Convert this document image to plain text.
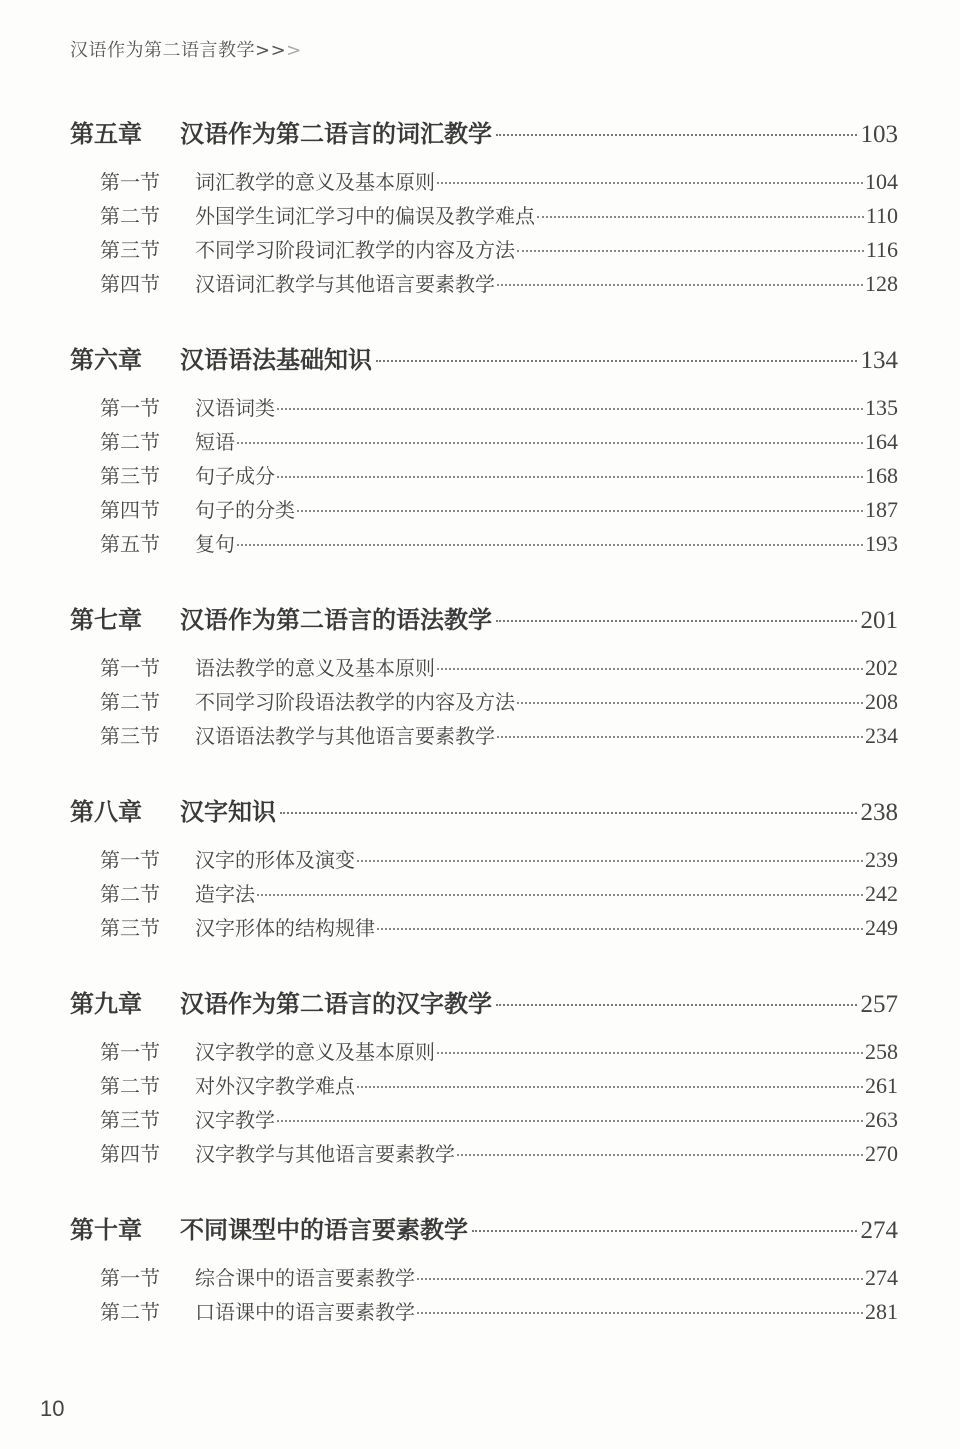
汉语作为第二语言教学>>>
第五章	汉语作为第二语言的词汇教学	103
第一节	词汇教学的意义及基本原则	104
第二节	外国学生词汇学习中的偏误及教学难点	110
第三节	不同学习阶段词汇教学的内容及方法	116
第四节	汉语词汇教学与其他语言要素教学	128
第六章	汉语语法基础知识	134
第一节	汉语词类	135
第二节	短语	164
第三节	句子成分	168
第四节	句子的分类	187
第五节	复句	193
第七章	汉语作为第二语言的语法教学	201
第一节	语法教学的意义及基本原则	202
第二节	不同学习阶段语法教学的内容及方法	208
第三节	汉语语法教学与其他语言要素教学	234
第八章	汉字知识	238
第一节	汉字的形体及演变	239
第二节	造字法	242
第三节	汉字形体的结构规律	249
第九章	汉语作为第二语言的汉字教学	257
第一节	汉字教学的意义及基本原则	258
第二节	对外汉字教学难点	261
第三节	汉字教学	263
第四节	汉字教学与其他语言要素教学	270
第十章	不同课型中的语言要素教学	274
第一节	综合课中的语言要素教学	274
第二节	口语课中的语言要素教学	281
10
